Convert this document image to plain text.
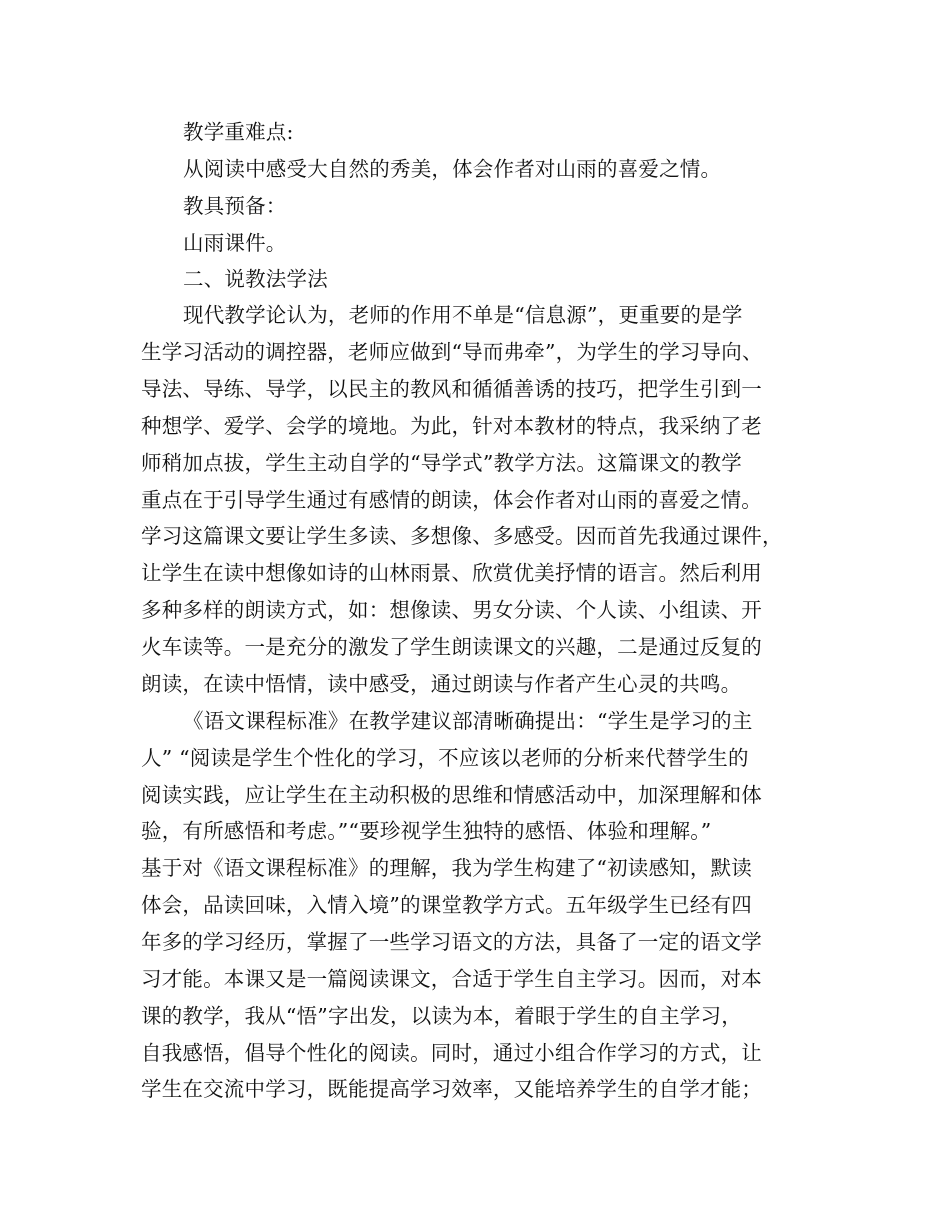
教学重难点:
从阅读中感受大自然的秀美，体会作者对山雨的喜爱之情。
教具预备：
山雨课件。
二、说教法学法
现代教学论认为，老师的作用不单是“信息源”，更重要的是学
生学习活动的调控器，老师应做到“导而弗牵”，为学生的学习导向、
导法、导练、导学，以民主的教风和循循善诱的技巧，把学生引到一
种想学、爱学、会学的境地。为此，针对本教材的特点，我采纳了老
师稍加点拔，学生主动自学的“导学式”教学方法。这篇课文的教学
重点在于引导学生通过有感情的朗读，体会作者对山雨的喜爱之情。
学习这篇课文要让学生多读、多想像、多感受。因而首先我通过课件，
让学生在读中想像如诗的山林雨景、欣赏优美抒情的语言。然后利用
多种多样的朗读方式，如：想像读、男女分读、个人读、小组读、开
火车读等。一是充分的激发了学生朗读课文的兴趣，二是通过反复的
朗读，在读中悟情，读中感受，通过朗读与作者产生心灵的共鸣。
《语文课程标准》在教学建议部清晰确提出：“学生是学习的主
人” “阅读是学生个性化的学习，不应该以老师的分析来代替学生的
阅读实践，应让学生在主动积极的思维和情感活动中，加深理解和体
验，有所感悟和考虑。”“要珍视学生独特的感悟、体验和理解。”
基于对《语文课程标准》的理解，我为学生构建了“初读感知，默读
体会，品读回味，入情入境”的课堂教学方式。五年级学生已经有四
年多的学习经历，掌握了一些学习语文的方法，具备了一定的语文学
习才能。本课又是一篇阅读课文，合适于学生自主学习。因而，对本
课的教学，我从“悟”字出发，以读为本，着眼于学生的自主学习，
自我感悟，倡导个性化的阅读。同时，通过小组合作学习的方式，让
学生在交流中学习，既能提高学习效率，又能培养学生的自学才能；
